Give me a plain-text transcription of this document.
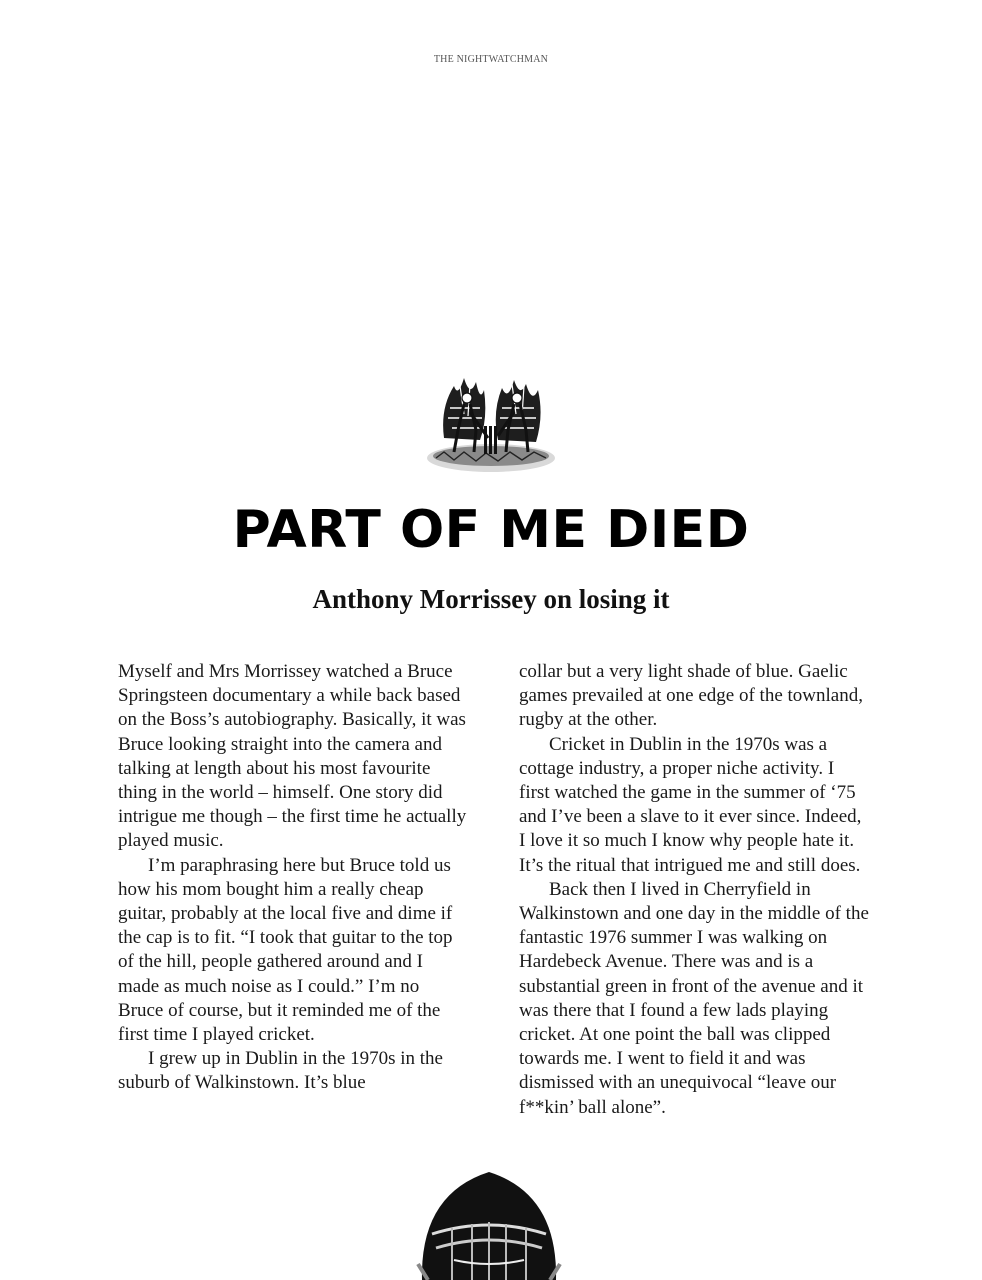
THE NIGHTWATCHMAN
PART OF ME DIED
Anthony Morrissey on losing it

Myself and Mrs Morrissey watched a Bruce Springsteen documentary a while back based on the Boss’s autobiography. Basically, it was Bruce looking straight into the camera and talking at length about his most favourite thing in the world – himself. One story did intrigue me though – the first time he actually played music.

I’m paraphrasing here but Bruce told us how his mom bought him a really cheap guitar, probably at the local five and dime if the cap is to fit. “I took that guitar to the top of the hill, people gathered around and I made as much noise as I could.” I’m no Bruce of course, but it reminded me of the first time I played cricket.

I grew up in Dublin in the 1970s in the suburb of Walkinstown. It’s blue

collar but a very light shade of blue. Gaelic games prevailed at one edge of the townland, rugby at the other.

Cricket in Dublin in the 1970s was a cottage industry, a proper niche activity. I first watched the game in the summer of ‘75 and I’ve been a slave to it ever since. Indeed, I love it so much I know why people hate it. It’s the ritual that intrigued me and still does.

Back then I lived in Cherryfield in Walkinstown and one day in the middle of the fantastic 1976 summer I was walking on Hardebeck Avenue. There was and is a substantial green in front of the avenue and it was there that I found a few lads playing cricket. At one point the ball was clipped towards me. I went to field it and was dismissed with an unequivocal “leave our f**kin’ ball alone”.
